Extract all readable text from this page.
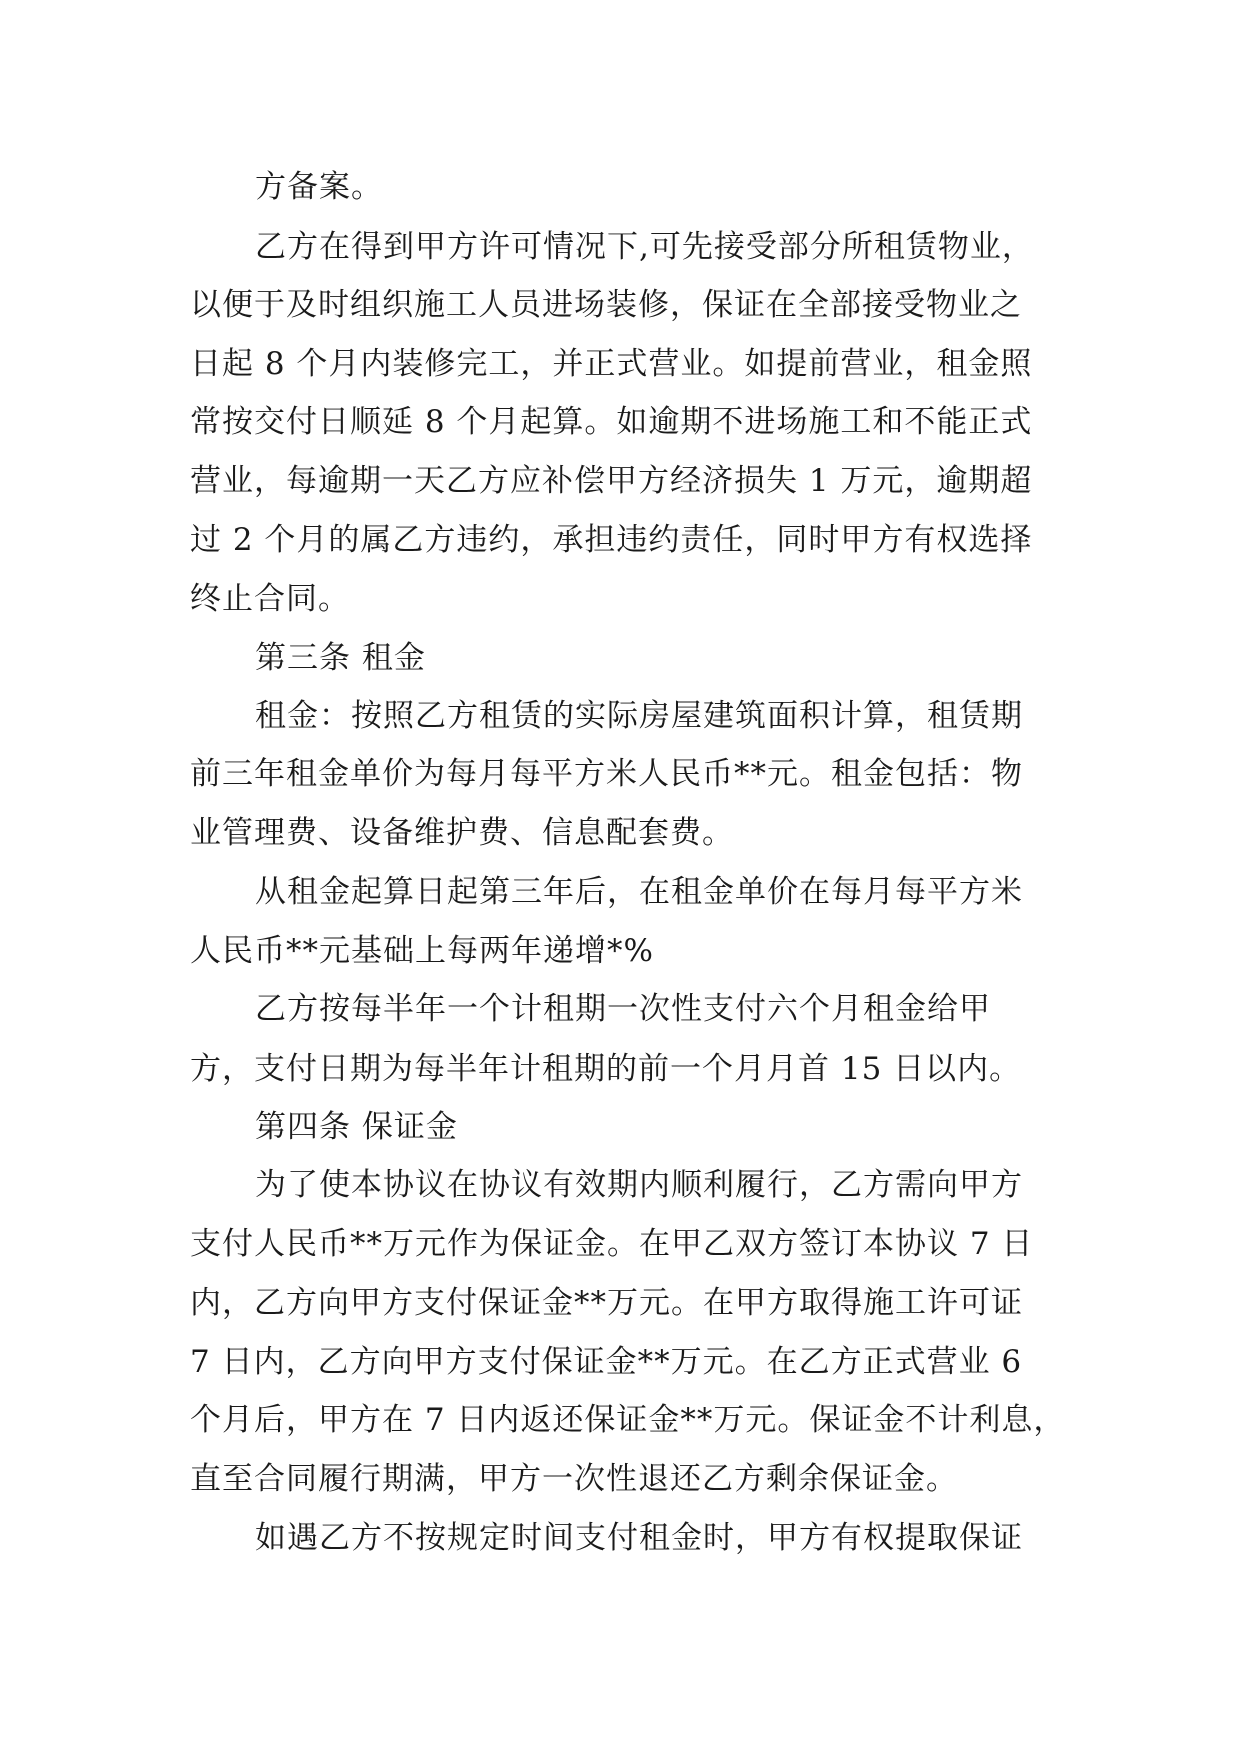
方备案。
乙方在得到甲方许可情况下,可先接受部分所租赁物业，
以便于及时组织施工人员进场装修，保证在全部接受物业之
日起 8 个月内装修完工，并正式营业。如提前营业，租金照
常按交付日顺延 8 个月起算。如逾期不进场施工和不能正式
营业，每逾期一天乙方应补偿甲方经济损失 1 万元，逾期超
过 2 个月的属乙方违约，承担违约责任，同时甲方有权选择
终止合同。
第三条 租金
租金：按照乙方租赁的实际房屋建筑面积计算，租赁期
前三年租金单价为每月每平方米人民币**元。租金包括：物
业管理费、设备维护费、信息配套费。
从租金起算日起第三年后，在租金单价在每月每平方米
人民币**元基础上每两年递增*%
乙方按每半年一个计租期一次性支付六个月租金给甲
方，支付日期为每半年计租期的前一个月月首 15 日以内。
第四条 保证金
为了使本协议在协议有效期内顺利履行，乙方需向甲方
支付人民币**万元作为保证金。在甲乙双方签订本协议 7 日
内，乙方向甲方支付保证金**万元。在甲方取得施工许可证
7 日内，乙方向甲方支付保证金**万元。在乙方正式营业 6
个月后，甲方在 7 日内返还保证金**万元。保证金不计利息，
直至合同履行期满，甲方一次性退还乙方剩余保证金。
如遇乙方不按规定时间支付租金时，甲方有权提取保证
